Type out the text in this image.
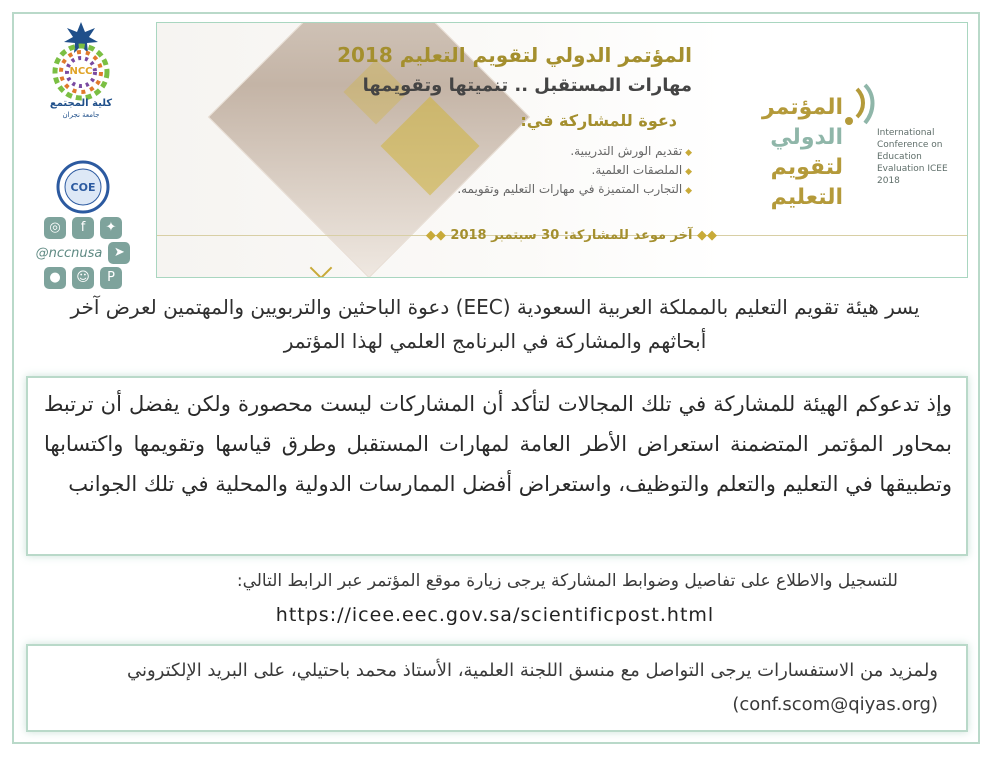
NCC
كلية المجتمع
جامعة نجران
COE
◎	f	✦
@nccnusa ➤
●	☺	P
المؤتمر الدولي لتقويم التعليم 2018
مهارات المستقبل .. تنميتها وتقويمها
دعوة للمشاركة في:
◆ تقديم الورش التدريبية.
◆ الملصقات العلمية.
◆ التجارب المتميزة في مهارات التعليم وتقويمه.
◆◆ آخر موعد للمشاركة: 30 سبتمبر 2018 ◆◆
المؤتمر
الدولي
لتقويم
التعليم
International Conference on Education Evaluation ICEE 2018
يسر هيئة تقويم التعليم بالمملكة العربية السعودية (EEC) دعوة الباحثين والتربويين والمهتمين لعرض آخر أبحاثهم والمشاركة في البرنامج العلمي لهذا المؤتمر
وإذ تدعوكم الهيئة للمشاركة في تلك المجالات لتأكد أن المشاركات ليست محصورة ولكن يفضل أن ترتبط بمحاور المؤتمر المتضمنة استعراض الأطر العامة لمهارات المستقبل وطرق قياسها وتقويمها واكتسابها وتطبيقها في التعليم والتعلم والتوظيف، واستعراض أفضل الممارسات الدولية والمحلية في تلك الجوانب
للتسجيل والاطلاع على تفاصيل وضوابط المشاركة يرجى زيارة موقع المؤتمر عبر الرابط التالي:
https://icee.eec.gov.sa/scientificpost.html
ولمزيد من الاستفسارات يرجى التواصل مع منسق اللجنة العلمية، الأستاذ محمد باحتيلي، على البريد الإلكتروني (conf.scom@qiyas.org)
